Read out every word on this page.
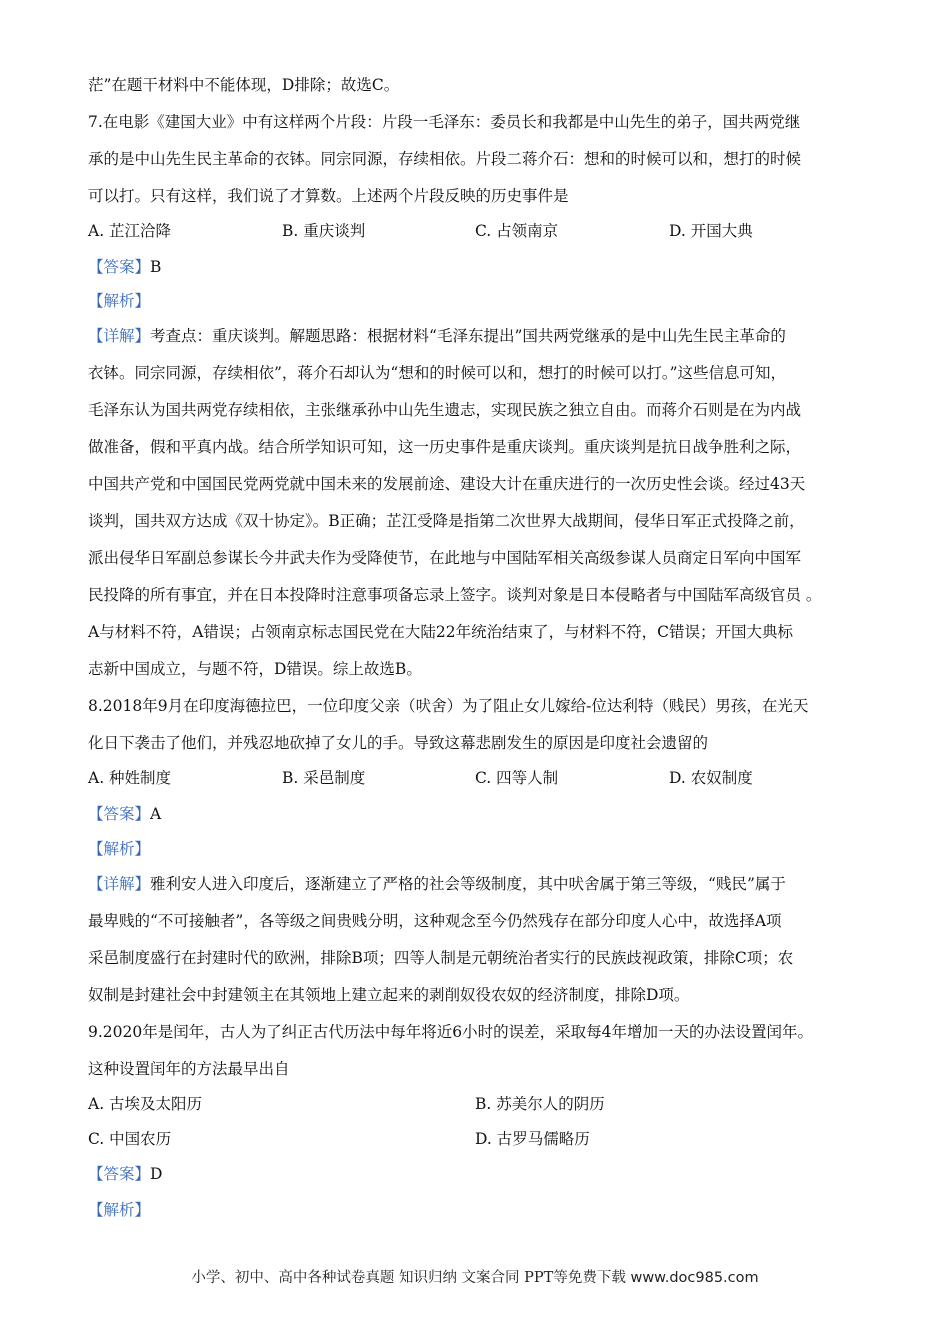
茫”在题干材料中不能体现，D排除；故选C。
7.在电影《建国大业》中有这样两个片段：片段一毛泽东：委员长和我都是中山先生的弟子，国共两党继
承的是中山先生民主革命的衣钵。同宗同源，存续相依。片段二蒋介石：想和的时候可以和，想打的时候
可以打。只有这样，我们说了才算数。上述两个片段反映的历史事件是
A. 芷江洽降	B. 重庆谈判	C. 占领南京	D. 开国大典
【答案】B
【解析】
【详解】考查点：重庆谈判。解题思路：根据材料“毛泽东提出”国共两党继承的是中山先生民主革命的
衣钵。同宗同源，存续相依”，蒋介石却认为“想和的时候可以和，想打的时候可以打。”这些信息可知，
毛泽东认为国共两党存续相依，主张继承孙中山先生遗志，实现民族之独立自由。而蒋介石则是在为内战
做准备，假和平真内战。结合所学知识可知，这一历史事件是重庆谈判。重庆谈判是抗日战争胜利之际，
中国共产党和中国国民党两党就中国未来的发展前途、建设大计在重庆进行的一次历史性会谈。经过43天
谈判，国共双方达成《双十协定》。B正确；芷江受降是指第二次世界大战期间，侵华日军正式投降之前，
派出侵华日军副总参谋长今井武夫作为受降使节，在此地与中国陆军相关高级参谋人员商定日军向中国军
民投降的所有事宜，并在日本投降时注意事项备忘录上签字。谈判对象是日本侵略者与中国陆军高级官员 。
A与材料不符，A错误；占领南京标志国民党在大陆22年统治结束了，与材料不符，C错误；开国大典标
志新中国成立，与题不符，D错误。综上故选B。
8.2018年9月在印度海德拉巴，一位印度父亲（吠舍）为了阻止女儿嫁给-位达利特（贱民）男孩，在光天
化日下袭击了他们，并残忍地砍掉了女儿的手。导致这幕悲剧发生的原因是印度社会遗留的
A. 种姓制度	B. 采邑制度	C. 四等人制	D. 农奴制度
【答案】A
【解析】
【详解】雅利安人进入印度后，逐渐建立了严格的社会等级制度，其中吠舍属于第三等级，“贱民”属于
最卑贱的“不可接触者”，各等级之间贵贱分明，这种观念至今仍然残存在部分印度人心中，故选择A项
采邑制度盛行在封建时代的欧洲，排除B项；四等人制是元朝统治者实行的民族歧视政策，排除C项；农
奴制是封建社会中封建领主在其领地上建立起来的剥削奴役农奴的经济制度，排除D项。
9.2020年是闰年，古人为了纠正古代历法中每年将近6小时的误差，采取每4年增加一天的办法设置闰年。
这种设置闰年的方法最早出自
A. 古埃及太阳历	B. 苏美尔人的阴历
C. 中国农历	D. 古罗马儒略历
【答案】D
【解析】
小学、初中、高中各种试卷真题 知识归纳 文案合同 PPT等免费下载 www.doc985.com
